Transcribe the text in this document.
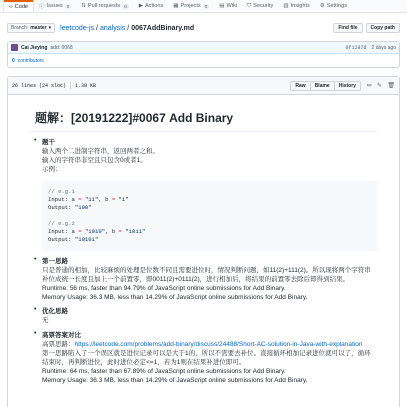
‹› Code ⓘ Issues 0	⇅ Pull requests 0	▶ Actions ▦ Projects 0	▤ Wiki ⛉ Security ▥ Insights ⚙ Settings
Branch: master ▾ leetcode-js / analysis / 0067AddBinary.md	Find file	Copy path
Cai Jieying add: 0068	0f1287d 2 days ago
0 contributors
26 lines (24 sloc) 1.38 KB	Raw	Blame	History	▭ ✎ 🗑
题解：[20191222]#0067 Add Binary
• 题干
输入两个二进制字符串，返回两者之和。
输入的字符串非空且只包含0或者1。
示例：
// e.g.1
Input: a = "11", b = "1"
Output: "100"

// e.g.2
Input: a = "1010", b = "1011"
Output: "10101"
• 第一思路
只是普通的相加，比较麻烦的处理是位数不同且需要进位时，情况判断问题，如11(2)+111(2)。所以现将两个字符串补位成统一长度且加上一个前置零，即0011(2)+0111(2)，进行相加后，将结果的前置零去除后即得到结果。
Runtime: 56 ms, faster than 94.79% of JavaScript online submissions for Add Binary.
Memory Usage: 36.3 MB, less than 14.29% of JavaScript online submissions for Add Binary.
• 优化思路
无
• 高票答案对比
高票思路：https://leetcode.com/problems/add-binary/discuss/24488/Short-AC-solution-in-Java-with-explanation
第一思路陷入了一个误区就是进位记录可以是大于1的，所以不需要去补位。直接循环相加记录进位就可以了，循环结束时，再判断进位，此时进位必定<=1，若为1则在结果补进位即可。
Runtime: 64 ms, faster than 67.89% of JavaScript online submissions for Add Binary.
Memory Usage: 36.3 MB, less than 14.29% of JavaScript online submissions for Add Binary.
